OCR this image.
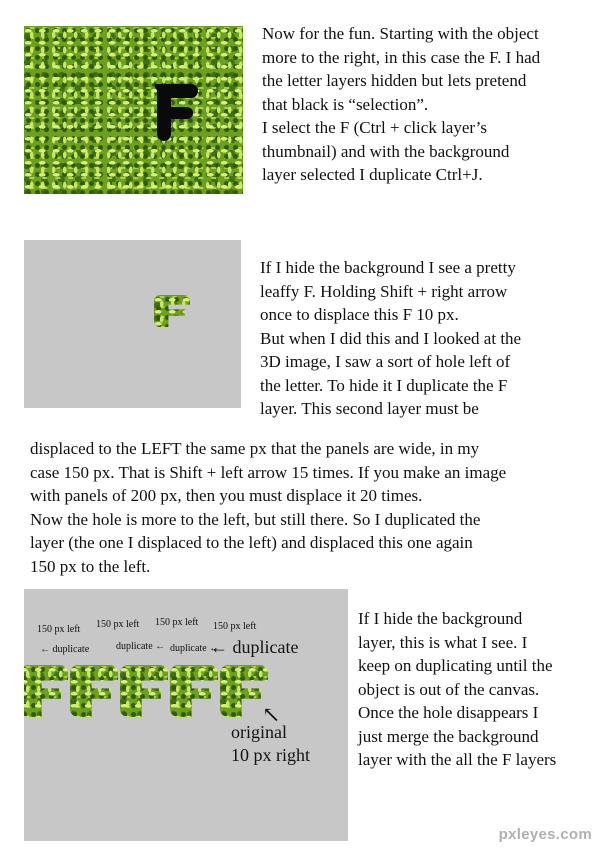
Now for the fun. Starting with the object
more to the right, in this case the F. I had
the letter layers hidden but lets pretend
that black is “selection”.
I select the F (Ctrl + click layer’s
thumbnail) and with the background
layer selected I duplicate Ctrl+J.
If I hide the background I see a pretty
leaffy F. Holding Shift + right arrow
once to displace this F 10 px.
But when I did this and I looked at the
3D image, I saw a sort of hole left of
the letter. To hide it I duplicate the F
layer. This second layer must be
displaced to the LEFT the same px that the panels are wide, in my
case 150 px. That is Shift + left arrow 15 times. If you make an image
with panels of 200 px, then you must displace it 20 times.
Now the hole is more to the left, but still there. So I duplicated the
layer (the one I displaced to the left) and displaced this one again
150 px to the left.
150 px left 150 px left 150 px left 150 px left
← duplicate	duplicate ← duplicate ←
← duplicate
↖
original
10 px right
If I hide the background
layer, this is what I see. I
keep on duplicating until the
object is out of the canvas.
Once the hole disappears I
just merge the background
layer with the all the F layers
pxleyes.com
